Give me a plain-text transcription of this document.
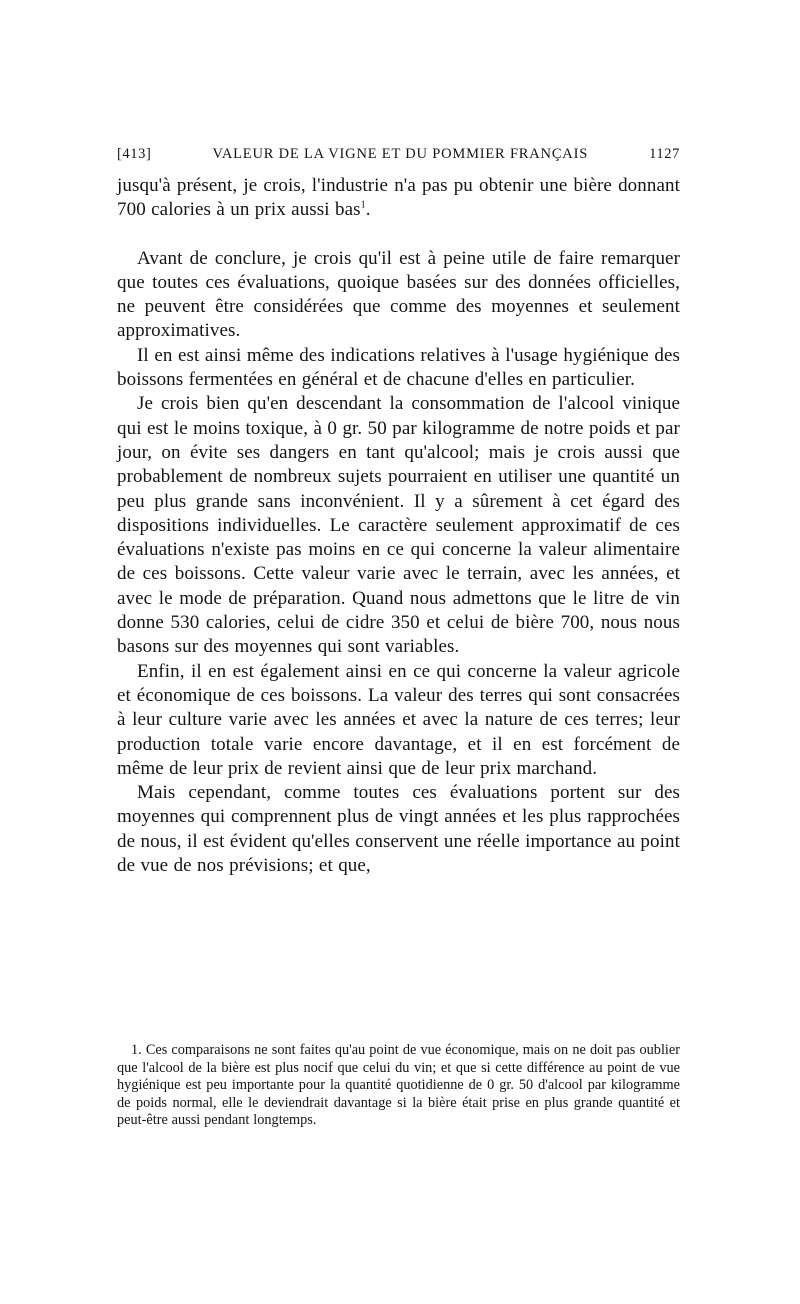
[413]	VALEUR DE LA VIGNE ET DU POMMIER FRANÇAIS	1127

jusqu'à présent, je crois, l'industrie n'a pas pu obtenir une bière donnant 700 calories à un prix aussi bas$^1$.

Avant de conclure, je crois qu'il est à peine utile de faire remarquer que toutes ces évaluations, quoique basées sur des données officielles, ne peuvent être considérées que comme des moyennes et seulement approximatives.

Il en est ainsi même des indications relatives à l'usage hygiénique des boissons fermentées en général et de chacune d'elles en particulier.

Je crois bien qu'en descendant la consommation de l'alcool vinique qui est le moins toxique, à 0 gr. 50 par kilogramme de notre poids et par jour, on évite ses dangers en tant qu'alcool; mais je crois aussi que probablement de nombreux sujets pourraient en utiliser une quantité un peu plus grande sans inconvénient. Il y a sûrement à cet égard des dispositions individuelles. Le caractère seulement approximatif de ces évaluations n'existe pas moins en ce qui concerne la valeur alimentaire de ces boissons. Cette valeur varie avec le terrain, avec les années, et avec le mode de préparation. Quand nous admettons que le litre de vin donne 530 calories, celui de cidre 350 et celui de bière 700, nous nous basons sur des moyennes qui sont variables.

Enfin, il en est également ainsi en ce qui concerne la valeur agricole et économique de ces boissons. La valeur des terres qui sont consacrées à leur culture varie avec les années et avec la nature de ces terres; leur production totale varie encore davantage, et il en est forcément de même de leur prix de revient ainsi que de leur prix marchand.

Mais cependant, comme toutes ces évaluations portent sur des moyennes qui comprennent plus de vingt années et les plus rapprochées de nous, il est évident qu'elles conservent une réelle importance au point de vue de nos prévisions; et que,

1. Ces comparaisons ne sont faites qu'au point de vue économique, mais on ne doit pas oublier que l'alcool de la bière est plus nocif que celui du vin; et que si cette différence au point de vue hygiénique est peu importante pour la quantité quotidienne de 0 gr. 50 d'alcool par kilogramme de poids normal, elle le deviendrait davantage si la bière était prise en plus grande quantité et peut-être aussi pendant longtemps.
